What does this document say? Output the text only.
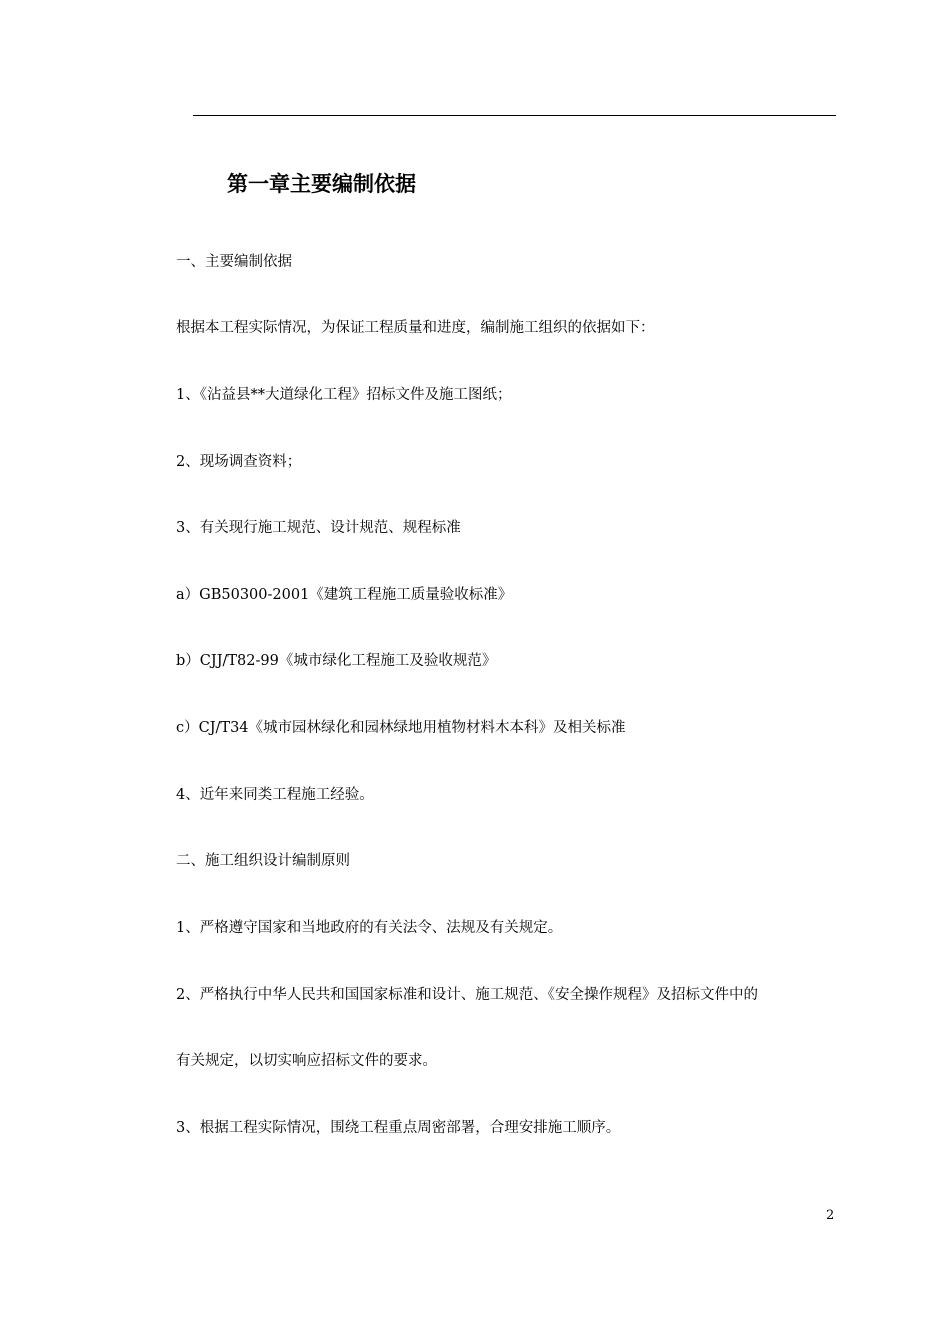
第一章主要编制依据

一、主要编制依据

根据本工程实际情况，为保证工程质量和进度，编制施工组织的依据如下：

1、《沾益县**大道绿化工程》招标文件及施工图纸；

2、现场调查资料；

3、有关现行施工规范、设计规范、规程标准

a）GB50300-2001《建筑工程施工质量验收标准》

b）CJJ/T82-99《城市绿化工程施工及验收规范》

c）CJ/T34《城市园林绿化和园林绿地用植物材料木本科》及相关标准

4、近年来同类工程施工经验。

二、施工组织设计编制原则

1、严格遵守国家和当地政府的有关法令、法规及有关规定。

2、严格执行中华人民共和国国家标准和设计、施工规范、《安全操作规程》及招标文件中的

有关规定，以切实响应招标文件的要求。

3、根据工程实际情况，围绕工程重点周密部署，合理安排施工顺序。

2
